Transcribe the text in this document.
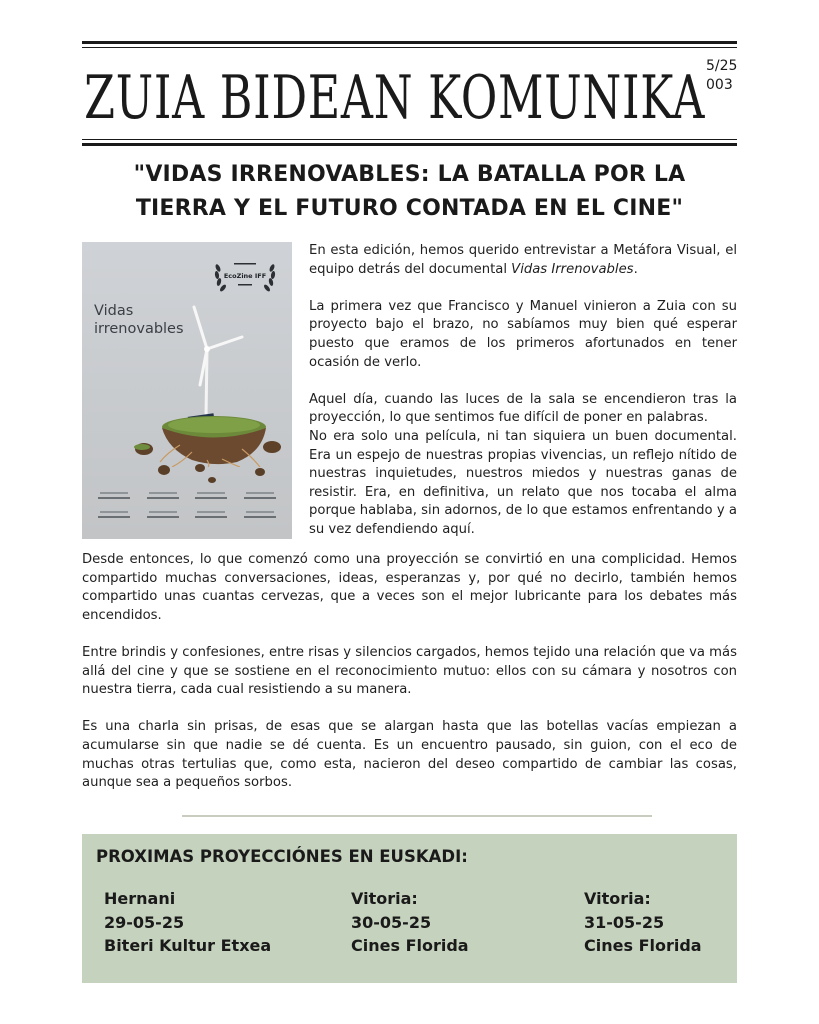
ZUIA BIDEAN KOMUNIKA 5/25
003
"VIDAS IRRENOVABLES: LA BATALLA POR LA
TIERRA Y EL FUTURO CONTADA EN EL CINE"
EcoZine IFF
Vidas
irrenovables

En esta edición, hemos querido entrevistar a Metáfora Visual, el equipo detrás del documental Vidas Irrenovables.

La primera vez que Francisco y Manuel vinieron a Zuia con su proyecto bajo el brazo, no sabíamos muy bien qué esperar puesto que eramos de los primeros afortunados en tener ocasión de verlo.

Aquel día, cuando las luces de la sala se encendieron tras la proyección, lo que sentimos fue difícil de poner en palabras.

No era solo una película, ni tan siquiera un buen documental. Era un espejo de nuestras propias vivencias, un reflejo nítido de nuestras inquietudes, nuestros miedos y nuestras ganas de resistir. Era, en definitiva, un relato que nos tocaba el alma porque hablaba, sin adornos, de lo que estamos enfrentando y a su vez defendiendo aquí.

Desde entonces, lo que comenzó como una proyección se convirtió en una complicidad. Hemos compartido muchas conversaciones, ideas, esperanzas y, por qué no decirlo, también hemos compartido unas cuantas cervezas, que a veces son el mejor lubricante para los debates más encendidos.

Entre brindis y confesiones, entre risas y silencios cargados, hemos tejido una relación que va más allá del cine y que se sostiene en el reconocimiento mutuo: ellos con su cámara y nosotros con nuestra tierra, cada cual resistiendo a su manera.

Es una charla sin prisas, de esas que se alargan hasta que las botellas vacías empiezan a acumularse sin que nadie se dé cuenta. Es un encuentro pausado, sin guion, con el eco de muchas otras tertulias que, como esta, nacieron del deseo compartido de cambiar las cosas, aunque sea a pequeños sorbos.

PROXIMAS PROYECCIÓNES EN EUSKADI:
Hernani
29-05-25
Biteri Kultur Etxea
Vitoria:
30-05-25
Cines Florida
Vitoria:
31-05-25
Cines Florida
